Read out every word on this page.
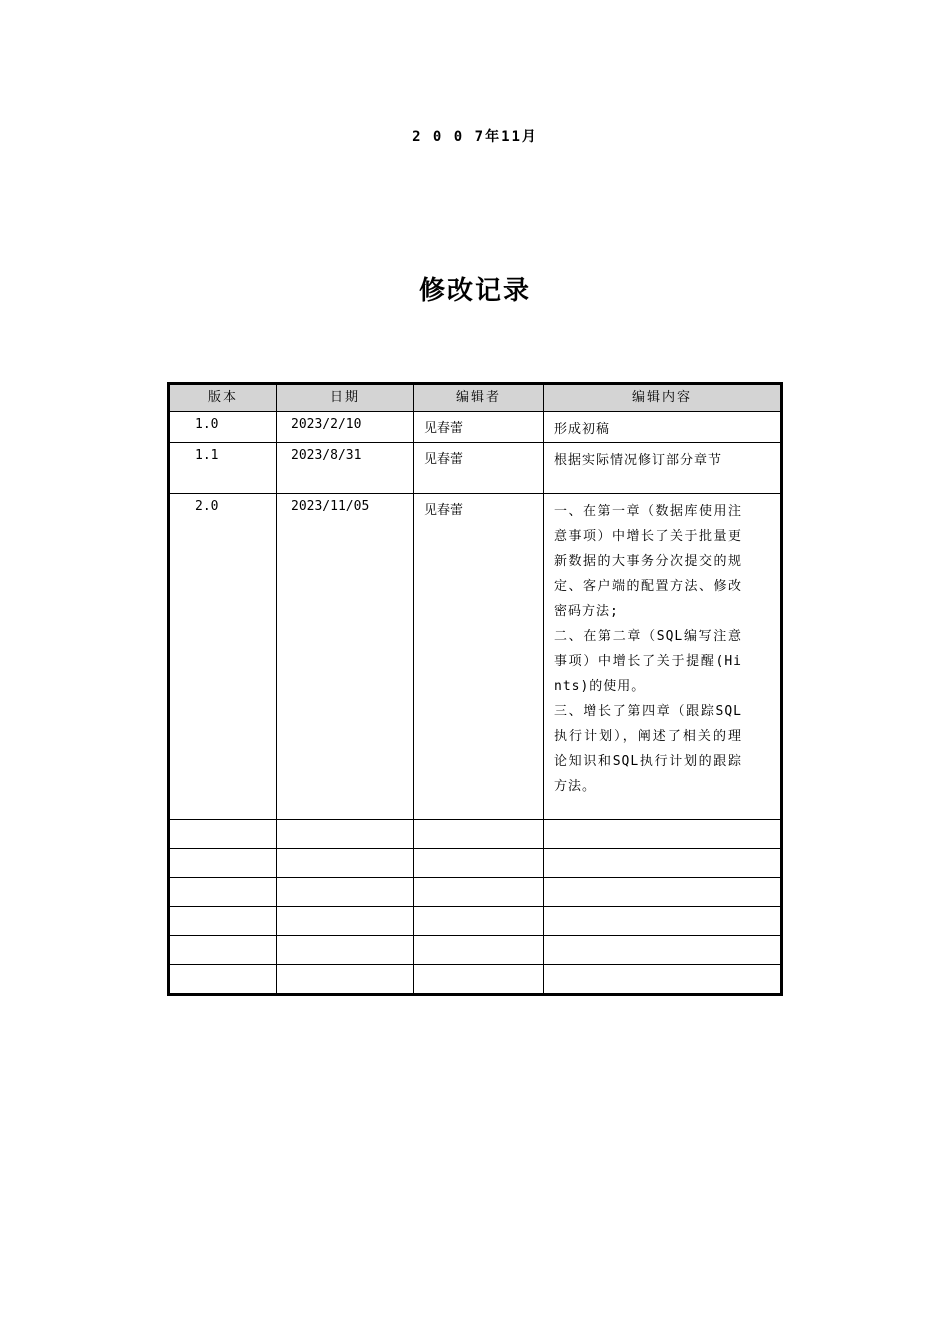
2 0 0 7年11月
修改记录
版本	日期	编辑者	编辑内容
1.0	2023/2/10	见春蕾	形成初稿

1.1	2023/8/31	见春蕾	根据实际情况修订部分章节

2.0	2023/11/05	见春蕾	一、在第一章（数据库使用注意事项）中增长了关于批量更新数据的大事务分次提交的规定、客户端的配置方法、修改密码方法;
二、在第二章（SQL编写注意事项）中增长了关于提醒(Hints)的使用。
三、增长了第四章（跟踪SQL执行计划），阐述了相关的理论知识和SQL执行计划的跟踪方法。
